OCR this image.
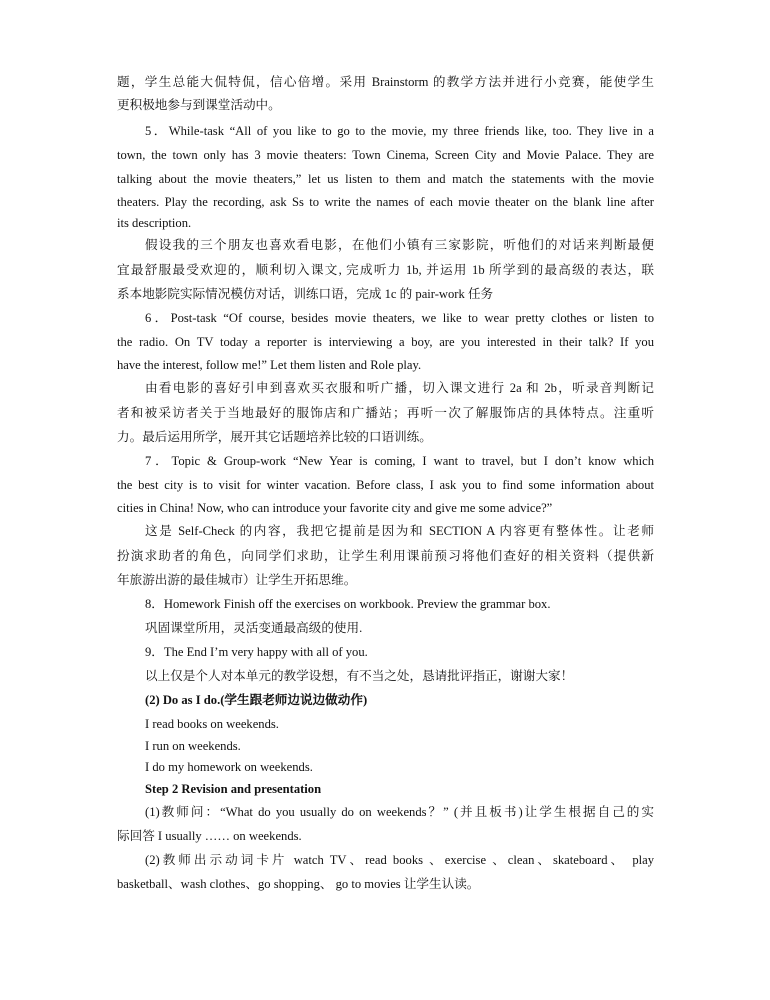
题，学生总能大侃特侃，信心倍增。采用 Brainstorm 的教学方法并进行小竞赛，能使学生
更积极地参与到课堂活动中。
5．While-task “All of you like to go to the movie, my three friends like, too. They live in a
town, the town only has 3 movie theaters: Town Cinema, Screen City and Movie Palace. They are
talking about the movie theaters,” let us listen to them and match the statements with the movie
theaters. Play the recording, ask Ss to write the names of each movie theater on the blank line after
its description.
假设我的三个朋友也喜欢看电影，在他们小镇有三家影院，听他们的对话来判断最便
宜最舒服最受欢迎的，顺利切入课文, 完成听力 1b, 并运用 1b 所学到的最高级的表达，联
系本地影院实际情况模仿对话，训练口语，完成 1c 的 pair-work 任务
6．Post-task “Of course, besides movie theaters, we like to wear pretty clothes or listen to
the radio. On TV today a reporter is interviewing a boy, are you interested in their talk? If you
have the interest, follow me!” Let them listen and Role play.
由看电影的喜好引申到喜欢买衣服和听广播，切入课文进行 2a 和 2b，听录音判断记
者和被采访者关于当地最好的服饰店和广播站；再听一次了解服饰店的具体特点。注重听
力。最后运用所学，展开其它话题培养比较的口语训练。
7．Topic & Group-work “New Year is coming, I want to travel, but I don’t know which
the best city is to visit for winter vacation. Before class, I ask you to find some information about
cities in China! Now, who can introduce your favorite city and give me some advice?”
这是 Self-Check 的内容，我把它提前是因为和 SECTION A 内容更有整体性。让老师
扮演求助者的角色，向同学们求助，让学生利用课前预习将他们查好的相关资料（提供新
年旅游出游的最佳城市）让学生开拓思维。
8．Homework Finish off the exercises on workbook. Preview the grammar box.
巩固课堂所用，灵活变通最高级的使用.
9．The End I’m very happy with all of you.
以上仅是个人对本单元的教学设想，有不当之处，恳请批评指正，谢谢大家！
(2) Do as I do.(学生跟老师边说边做动作)
I read books on weekends.
I run on weekends.
I do my homework on weekends.
Step 2 Revision and presentation
(1)教师问：“What do you usually do on weekends？” (并且板书)让学生根据自己的实
际回答 I usually …… on weekends.
(2)教师出示动词卡片 watch TV、read books 、exercise 、clean、skateboard、 play
basketball、wash clothes、go shopping、 go to movies 让学生认读。
